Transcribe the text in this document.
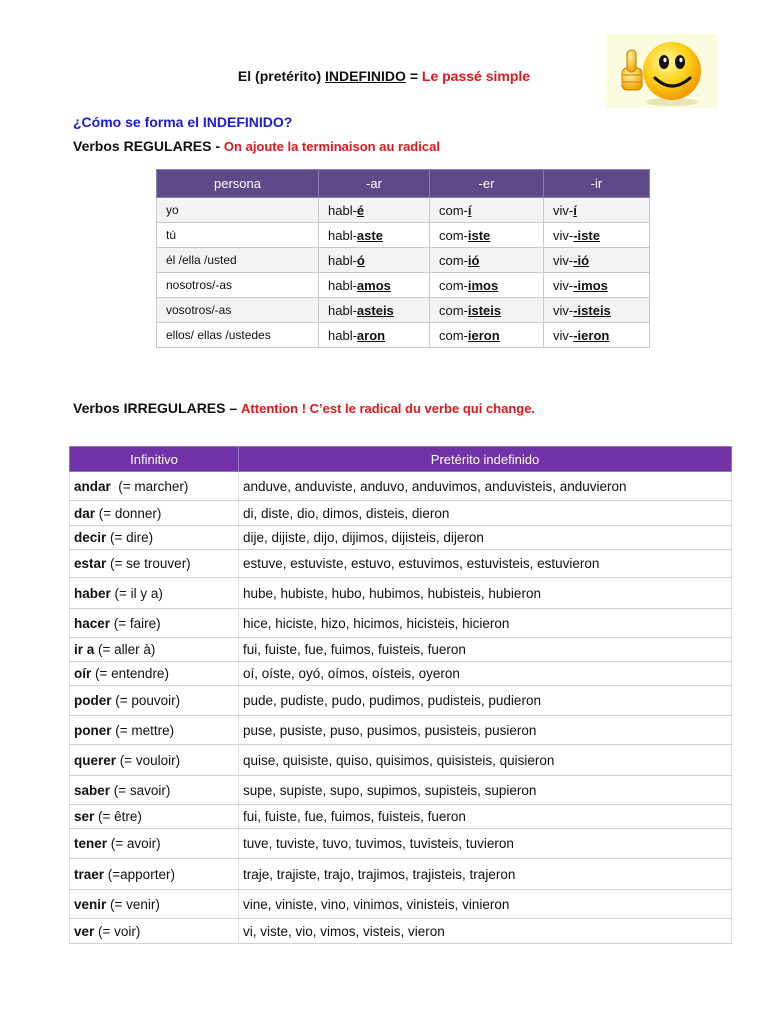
El (pretérito) INDEFINIDO = Le passé simple
¿Cómo se forma el INDEFINIDO?
Verbos REGULARES - On ajoute la terminaison au radical
persona	-ar	-er	-ir
yo	habl-é	com-í	viv-í
tú	habl-aste	com-iste	viv--iste
él /ella /usted	habl-ó	com-ió	viv--ió
nosotros/-as	habl-amos	com-imos	viv--imos
vosotros/-as	habl-asteis	com-isteis	viv--isteis
ellos/ ellas /ustedes	habl-aron	com-ieron	viv--ieron
Verbos IRREGULARES – Attention ! C’est le radical du verbe qui change.
Infinitivo	Pretérito indefinido
andar  (= marcher)	anduve, anduviste, anduvo, anduvimos, anduvisteis, anduvieron
dar (= donner)	di, diste, dio, dimos, disteis, dieron
decir (= dire)	dije, dijiste, dijo, dijimos, dijisteis, dijeron
estar (= se trouver)	estuve, estuviste, estuvo, estuvimos, estuvisteis, estuvieron
haber (= il y a)	hube, hubiste, hubo, hubimos, hubisteis, hubieron
hacer (= faire)	hice, hiciste, hizo, hicimos, hicisteis, hicieron
ir a (= aller à)	fui, fuiste, fue, fuimos, fuisteis, fueron
oír (= entendre)	oí, oíste, oyó, oímos, oísteis, oyeron
poder (= pouvoir)	pude, pudiste, pudo, pudimos, pudisteis, pudieron
poner (= mettre)	puse, pusiste, puso, pusimos, pusisteis, pusieron
querer (= vouloir)	quise, quisiste, quiso, quisimos, quisisteis, quisieron
saber (= savoir)	supe, supiste, supo, supimos, supisteis, supieron
ser (= être)	fui, fuiste, fue, fuimos, fuisteis, fueron
tener (= avoir)	tuve, tuviste, tuvo, tuvimos, tuvisteis, tuvieron
traer (=apporter)	traje, trajiste, trajo, trajimos, trajisteis, trajeron
venir (= venir)	vine, viniste, vino, vinimos, vinisteis, vinieron
ver (= voir)	vi, viste, vio, vimos, visteis, vieron
